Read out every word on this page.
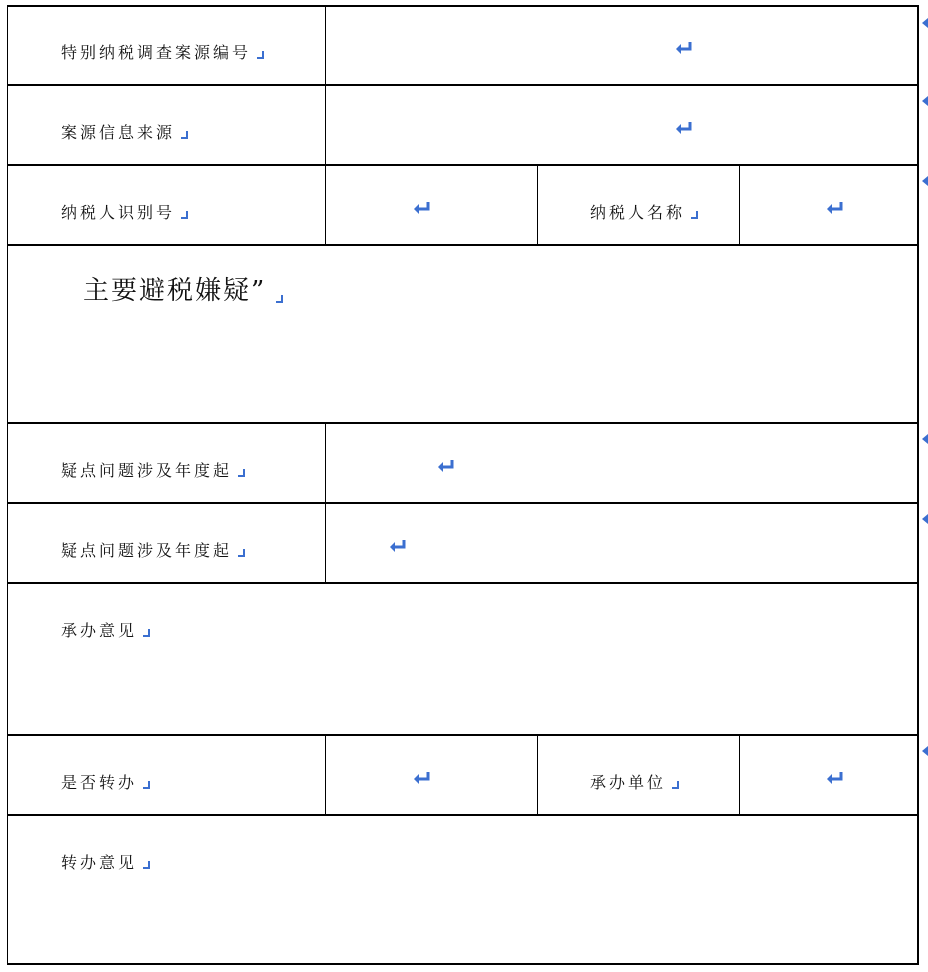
特别纳税调查案源编号
案源信息来源
纳税人识别号	纳税人名称
主要避税嫌疑”
疑点问题涉及年度起
疑点问题涉及年度起
承办意见
是否转办	承办单位
转办意见
